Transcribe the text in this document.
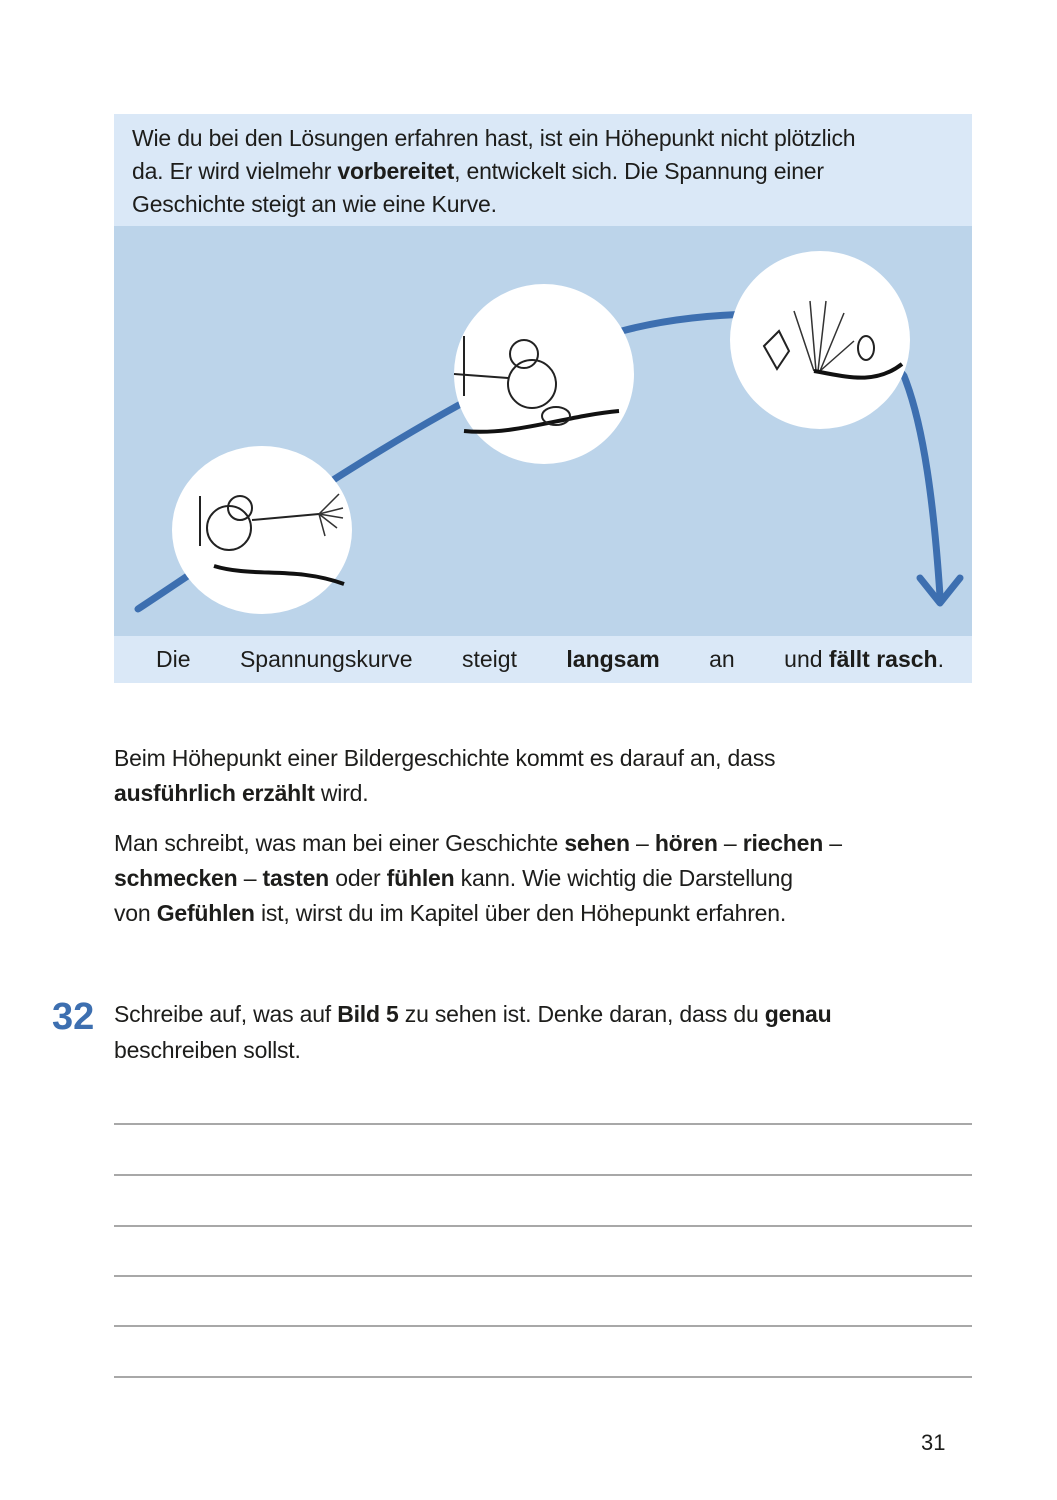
Wie du bei den Lösungen erfahren hast, ist ein Höhepunkt nicht plötzlich
da. Er wird vielmehr vorbereitet, entwickelt sich. Die Spannung einer
Geschichte steigt an wie eine Kurve.
Die Spannungskurve steigt langsam an und fällt rasch.
Beim Höhepunkt einer Bildergeschichte kommt es darauf an, dass
ausführlich erzählt wird.
Man schreibt, was man bei einer Geschichte sehen – hören – riechen –
schmecken – tasten oder fühlen kann. Wie wichtig die Darstellung
von Gefühlen ist, wirst du im Kapitel über den Höhepunkt erfahren.
32 Schreibe auf, was auf Bild 5 zu sehen ist. Denke daran, dass du genau
beschreiben sollst.
31
